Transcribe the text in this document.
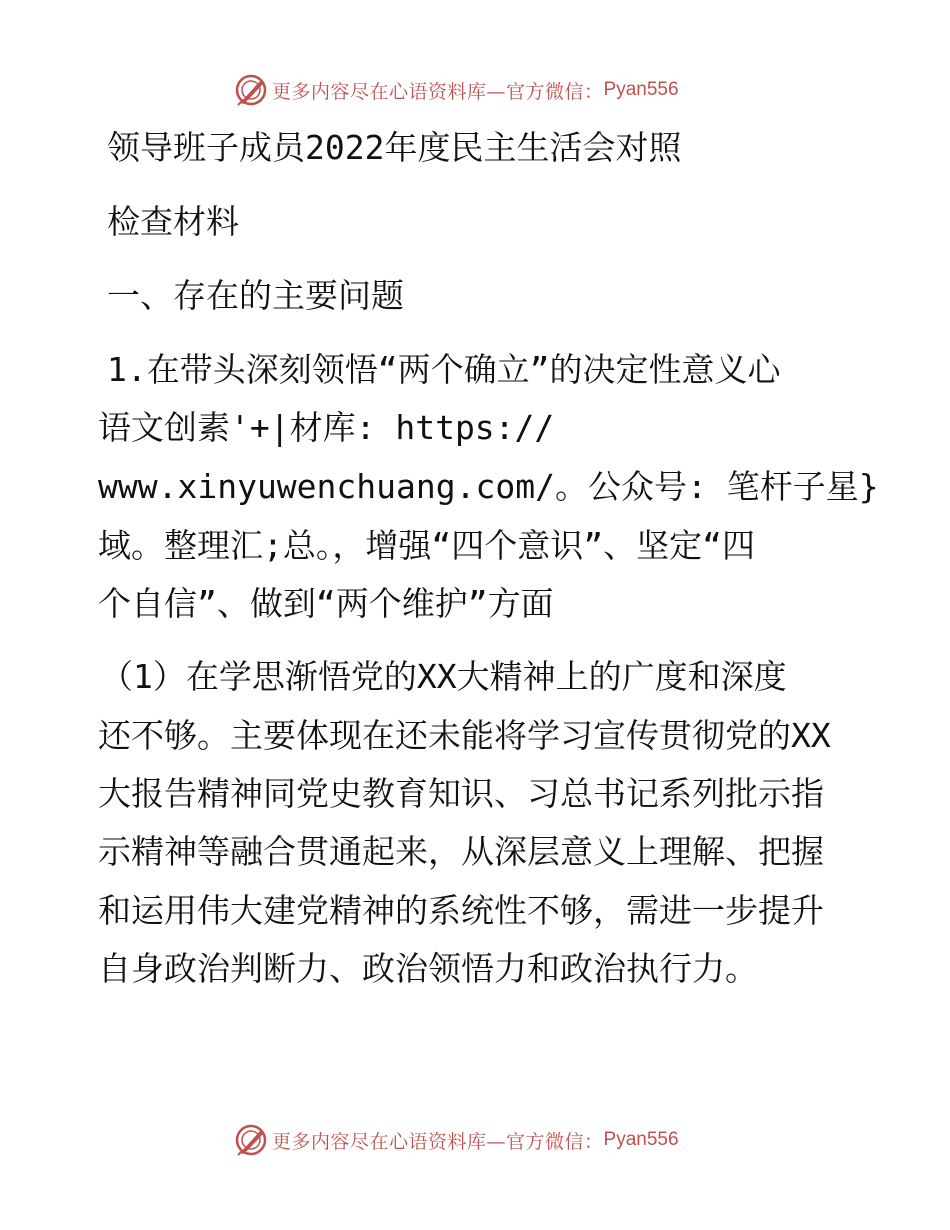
更多内容尽在心语资料库—官方微信： Pyan556
领导班子成员2022年度民主生活会对照
检查材料
一、存在的主要问题
1.在带头深刻领悟“两个确立”的决定性意义心
语文创素'+|材库: https://
www.xinyuwenchuang.com/。公众号: 笔杆子星}
域。整理汇;总。，增强“四个意识”、坚定“四
个自信”、做到“两个维护”方面
（1）在学思渐悟党的XX大精神上的广度和深度
还不够。主要体现在还未能将学习宣传贯彻党的XX
大报告精神同党史教育知识、习总书记系列批示指
示精神等融合贯通起来，从深层意义上理解、把握
和运用伟大建党精神的系统性不够，需进一步提升
自身政治判断力、政治领悟力和政治执行力。
更多内容尽在心语资料库—官方微信： Pyan556
